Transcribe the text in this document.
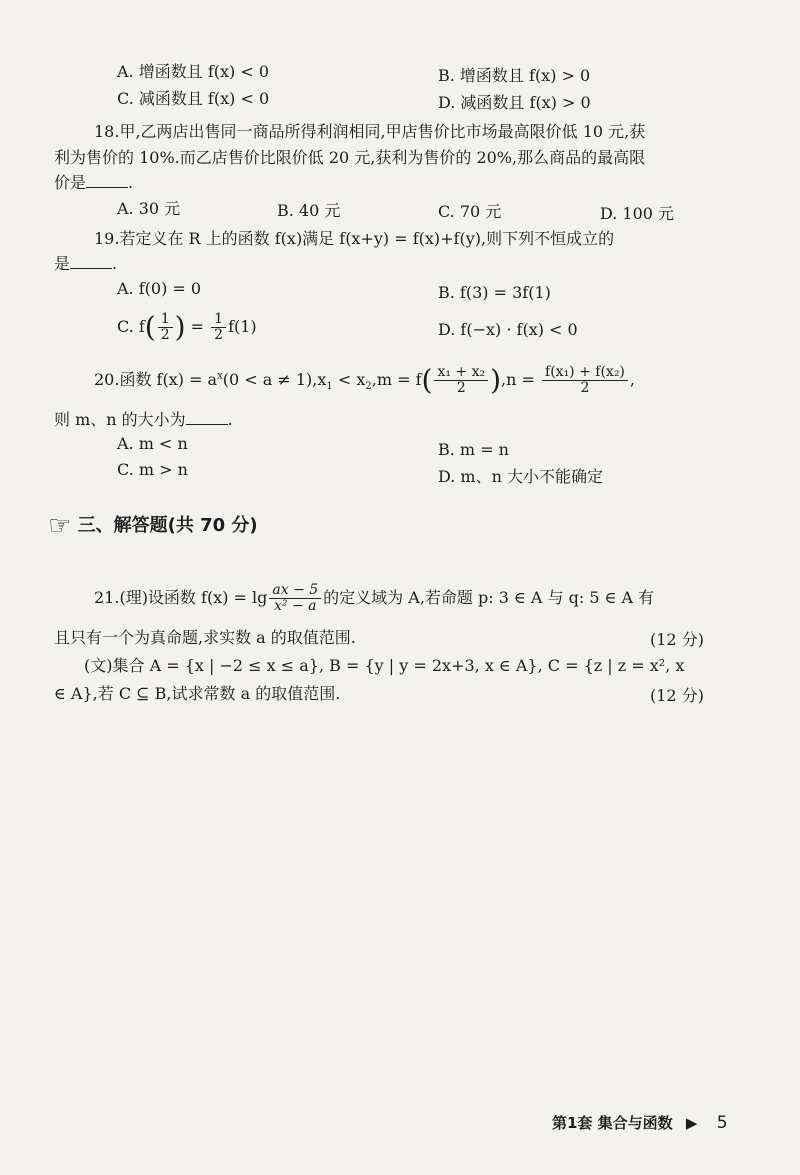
A. 增函数且 f(x) < 0	B. 增函数且 f(x) > 0
C. 减函数且 f(x) < 0	D. 减函数且 f(x) > 0
18.甲,乙两店出售同一商品所得利润相同,甲店售价比市场最高限价低 10 元,获
利为售价的 10%.而乙店售价比限价低 20 元,获利为售价的 20%,那么商品的最高限
价是	.
A. 30 元	B. 40 元	C. 70 元	D. 100 元
19.若定义在 R 上的函数 f(x)满足 f(x+y) = f(x)+f(y),则下列不恒成立的
是	.
A. f(0) = 0	B. f(3) = 3f(1)
C. $f( \frac{1}{2}$ ) = $\frac{1}{2} f(1)$	D. f(−x) · f(x) < 0
20.函数 $f(x) = a^x(0 < a \ne 1),x_1 < x_2,m = f( \frac{\text{x₁ + x₂}}{2} ),n = \frac{\text{f(x₁) + f(x₂)}}{2}$ ,
则 m、n 的大小为	.
A. m < n	B. m = n
C. m > n	D. m、n 大小不能确定
☞ 三、解答题(共 70 分)
21.(理)设函数 $f(x) = \lg \frac{ax - 5}{\text{x² − a}}$ 的定义域为 A,若命题 p: 3 ∈ A 与 q: 5 ∈ A 有
且只有一个为真命题,求实数 a 的取值范围.	(12 分)
(文)集合 A = {x | −2 ≤ x ≤ a}, B = {y | y = 2x+3, x ∈ A}, C = {z | z = x², x
∈ A},若 C ⊆ B,试求常数 a 的取值范围.	(12 分)
第1套 集合与函数 ▶ 5
